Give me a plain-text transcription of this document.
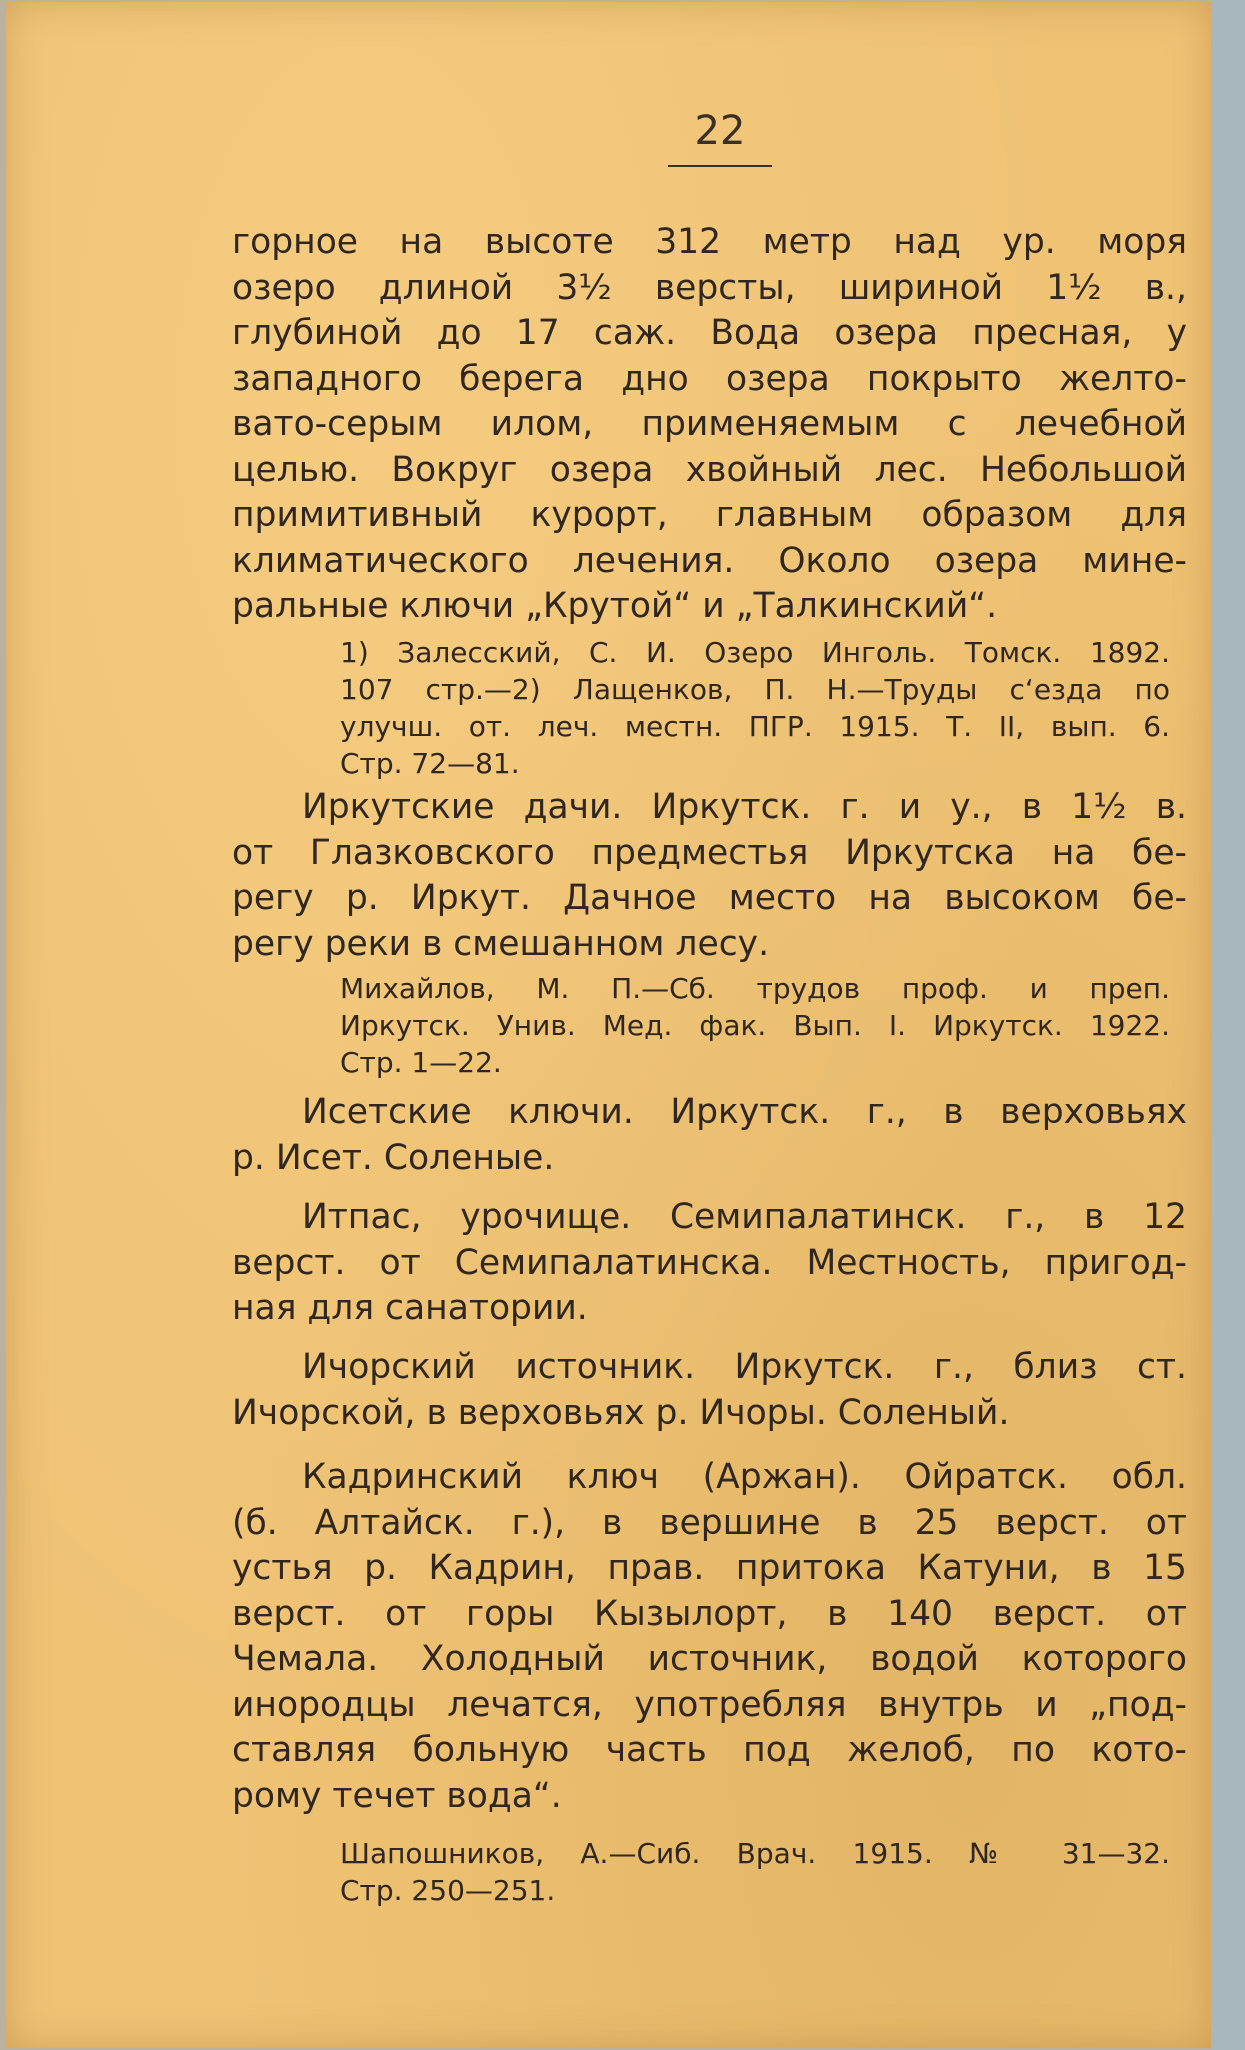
22
горное на высоте 312 метр над ур. моря
озеро длиной 3½ версты, шириной 1½ в.,
глубиной до 17 саж. Вода озера пресная, у
западного берега дно озера покрыто желто-
вато-серым илом, применяемым с лечебной
целью. Вокруг озера хвойный лес. Небольшой
примитивный курорт, главным образом для
климатического лечения. Около озера мине-
ральные ключи „Крутой“ и „Талкинский“.
1) Залесский, С. И. Озеро Инголь. Томск. 1892.
107 стр.—2) Лащенков, П. Н.—Труды с‘езда по
улучш. от. леч. местн. ПГР. 1915. Т. II, вып. 6.
Стр. 72—81.
Иркутские дачи. Иркутск. г. и у., в 1½ в.
от Глазковского предместья Иркутска на бе-
регу р. Иркут. Дачное место на высоком бе-
регу реки в смешанном лесу.
Михайлов, М. П.—Сб. трудов проф. и преп.
Иркутск. Унив. Мед. фак. Вып. I. Иркутск. 1922.
Стр. 1—22.
Исетские ключи. Иркутск. г., в верховьях
р. Исет. Соленые.
Итпас, урочище. Семипалатинск. г., в 12
верст. от Семипалатинска. Местность, пригод-
ная для санатории.
Ичорский источник. Иркутск. г., близ ст.
Ичорской, в верховьях р. Ичоры. Соленый.
Кадринский ключ (Аржан). Ойратск. обл.
(б. Алтайск. г.), в вершине в 25 верст. от
устья р. Кадрин, прав. притока Катуни, в 15
верст. от горы Кызылорт, в 140 верст. от
Чемала. Холодный источник, водой которого
инородцы лечатся, употребляя внутрь и „под-
ставляя больную часть под желоб, по кото-
рому течет вода“.
Шапошников, А.—Сиб. Врач. 1915. № 31—32.
Стр. 250—251.
